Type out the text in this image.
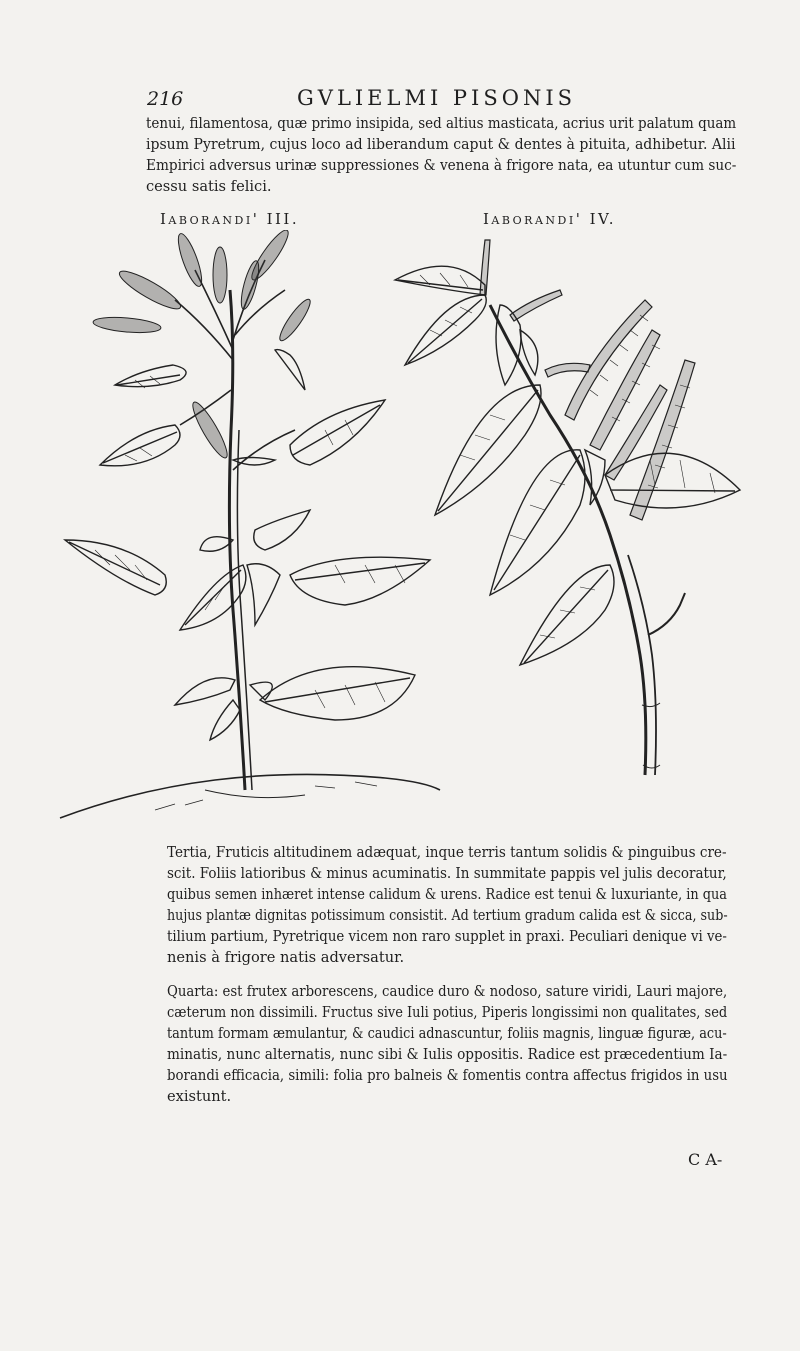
216	GVLIELMI PISONIS
tenui, filamentosa, quæ primo insipida, sed altius masticata, acrius urit palatum quam
ipsum Pyretrum, cujus loco ad liberandum caput & dentes à pituita, adhibetur. Alii
Empirici adversus urinæ suppressiones & venena à frigore nata, ea utuntur cum suc-
cessu satis felici.
Iaborandi' III.	Iaborandi' IV.
Tertia, Fruticis altitudinem adæquat, inque terris tantum solidis & pinguibus cre-
scit. Foliis latioribus & minus acuminatis. In summitate pappis vel julis decoratur,
quibus semen inhæret intense calidum & urens. Radice est tenui & luxuriante, in qua
hujus plantæ dignitas potissimum consistit. Ad tertium gradum calida est & sicca, sub-
tilium partium, Pyretrique vicem non raro supplet in praxi. Peculiari denique vi ve-
nenis à frigore natis adversatur.
Quarta: est frutex arborescens, caudice duro & nodoso, sature viridi, Lauri majore,
cæterum non dissimili. Fructus sive Iuli potius, Piperis longissimi non qualitates, sed
tantum formam æmulantur, & caudici adnascuntur, foliis magnis, linguæ figuræ, acu-
minatis, nunc alternatis, nunc sibi & Iulis oppositis. Radice est præcedentium Ia-
borandi efficacia, simili: folia pro balneis & fomentis contra affectus frigidos in usu
existunt.
C A-
